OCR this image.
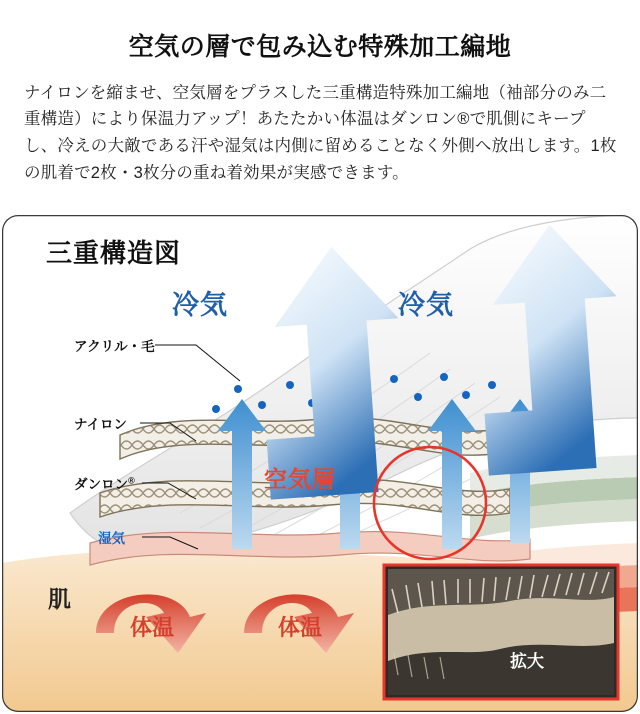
空気の層で包み込む特殊加工編地

ナイロンを縮ませ、空気層をプラスした三重構造特殊加工編地（袖部分のみ二重構造）により保温力アップ！あたたかい体温はダンロン®で肌側にキープし、冷えの大敵である汗や湿気は内側に留めることなく外側へ放出します。1枚の肌着で2枚・3枚分の重ね着効果が実感できます。

三重構造図
冷気	冷気
空気層
肌
体温	体温
アクリル・毛
ナイロン
ダンロン®
湿気
拡大
